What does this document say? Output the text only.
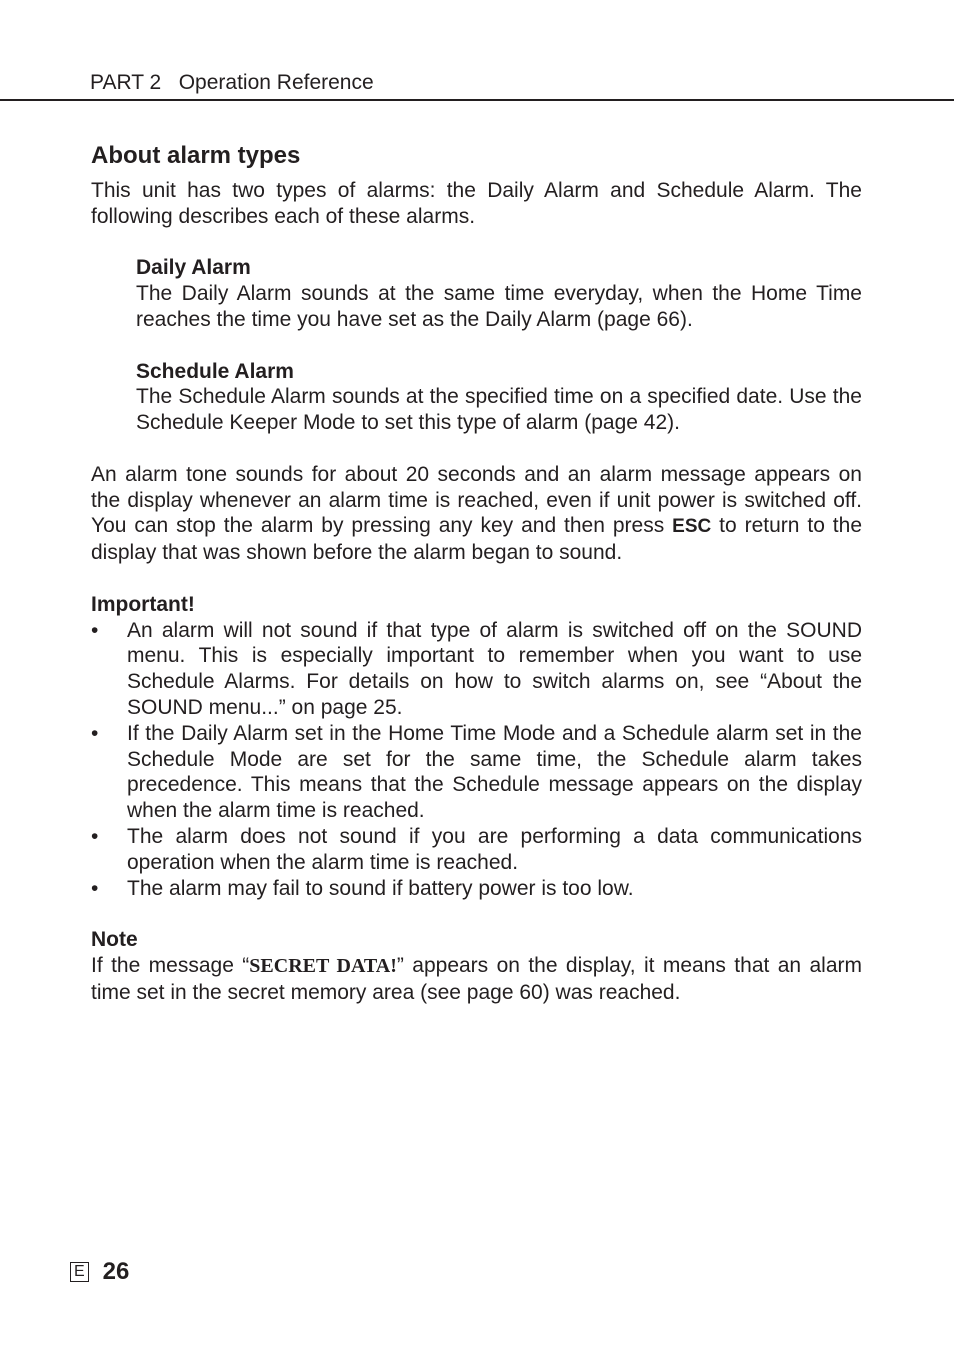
PART 2 Operation Reference
About alarm types

This unit has two types of alarms: the Daily Alarm and Schedule Alarm. The following describes each of these alarms.

Daily Alarm

The Daily Alarm sounds at the same time everyday, when the Home Time reaches the time you have set as the Daily Alarm (page 66).

Schedule Alarm

The Schedule Alarm sounds at the specified time on a specified date. Use the Schedule Keeper Mode to set this type of alarm (page 42).

An alarm tone sounds for about 20 seconds and an alarm message appears on the display whenever an alarm time is reached, even if unit power is switched off. You can stop the alarm by pressing any key and then press ESC to return to the display that was shown before the alarm began to sound.

Important!
• An alarm will not sound if that type of alarm is switched off on the SOUND menu. This is especially important to remember when you want to use Schedule Alarms. For details on how to switch alarms on, see “About the SOUND menu...” on page 25.
• If the Daily Alarm set in the Home Time Mode and a Schedule alarm set in the Schedule Mode are set for the same time, the Schedule alarm takes precedence. This means that the Schedule message appears on the display when the alarm time is reached.
• The alarm does not sound if you are performing a data communications operation when the alarm time is reached.
• The alarm may fail to sound if battery power is too low.
Note

If the message “SECRET DATA!” appears on the display, it means that an alarm time set in the secret memory area (see page 60) was reached.

E 26
